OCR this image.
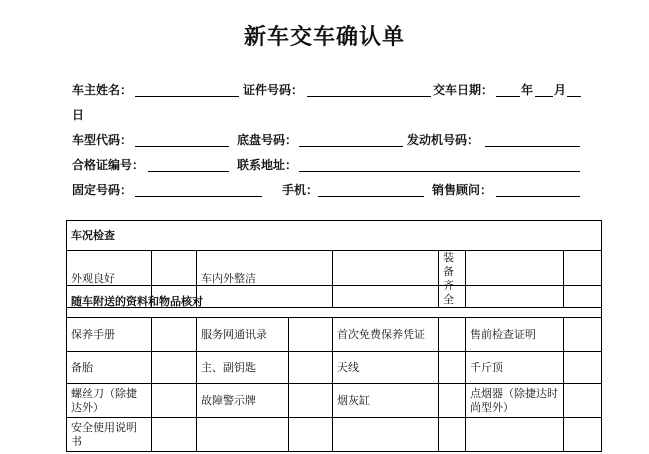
新车交车确认单
车主姓名：	证件号码：	交车日期： 年 月
日
车型代码：	底盘号码：	发动机号码：
合格证编号：	联系地址：
固定号码：	手机：	销售顾问：
车况检查
外观良好		车内外整洁		装备齐全			
随车附送的资料和物品核对							
保养手册		服务网通讯录		首次免费保养凭证		售前检查证明	
备胎		主、副钥匙		天线		千斤顶	
螺丝刀（除捷达外）		故障警示牌		烟灰缸		点烟器（除捷达时尚型外）	
安全使用说明书							
